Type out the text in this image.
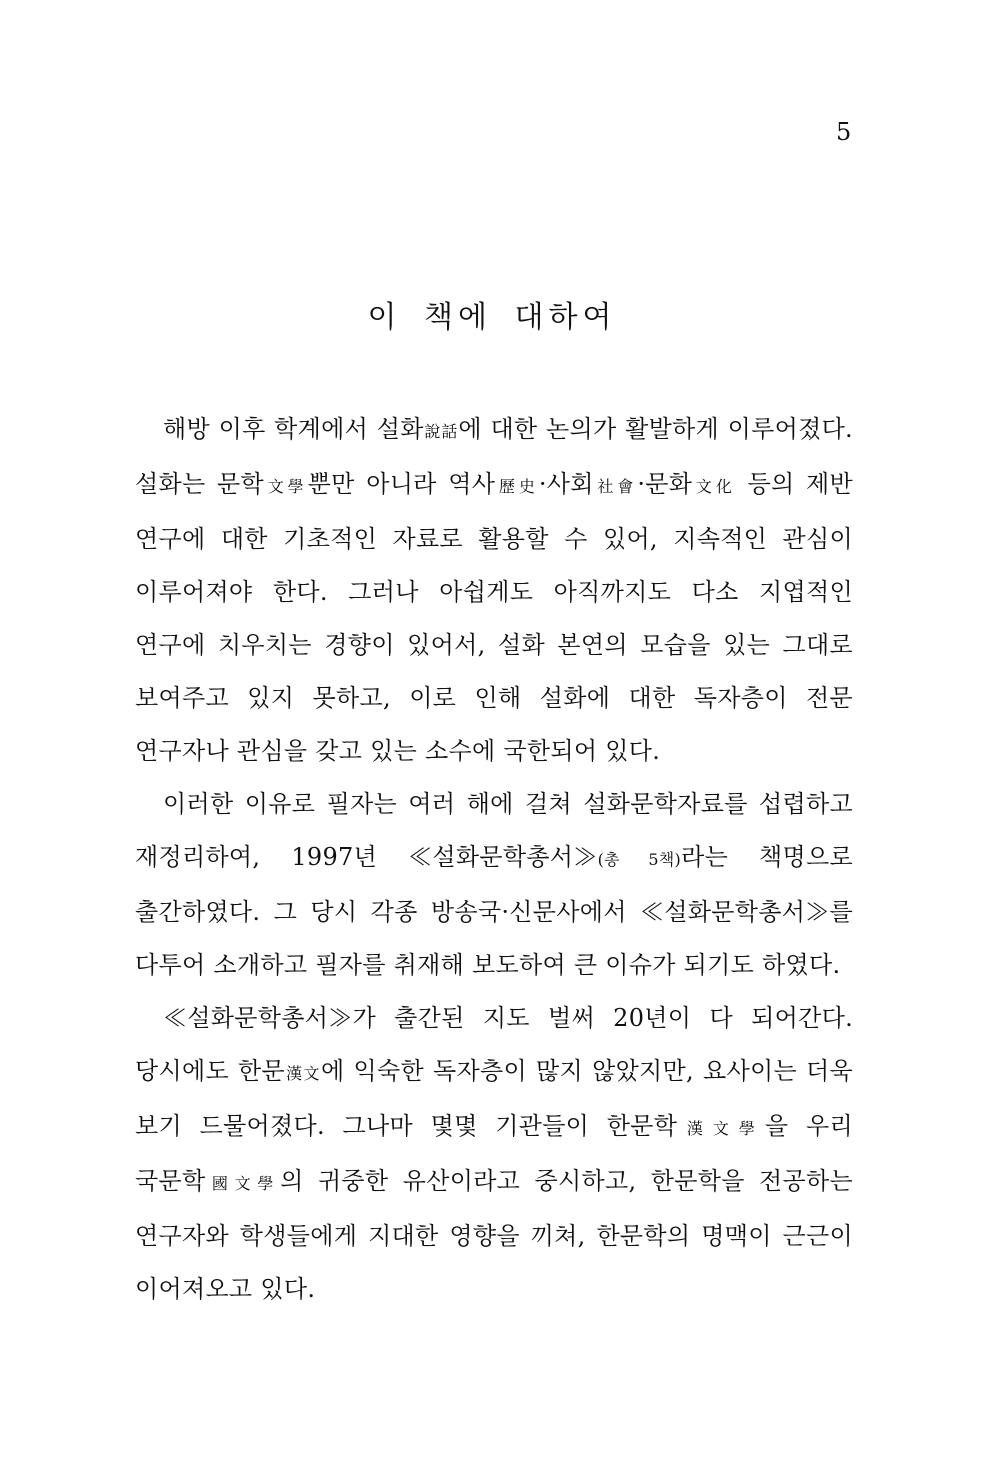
5
이 책에 대하여

해방 이후 학계에서 설화說話에 대한 논의가 활발하게 이루어졌다. 설화는 문학文學뿐만 아니라 역사歷史·사회社會·문화文化 등의 제반 연구에 대한 기초적인 자료로 활용할 수 있어, 지속적인 관심이 이루어져야 한다. 그러나 아쉽게도 아직까지도 다소 지엽적인 연구에 치우치는 경향이 있어서, 설화 본연의 모습을 있는 그대로 보여주고 있지 못하고, 이로 인해 설화에 대한 독자층이 전문 연구자나 관심을 갖고 있는 소수에 국한되어 있다.

이러한 이유로 필자는 여러 해에 걸쳐 설화문학자료를 섭렵하고 재정리하여, 1997년 ≪설화문학총서≫(총 5책)라는 책명으로 출간하였다. 그 당시 각종 방송국·신문사에서 ≪설화문학총서≫를 다투어 소개하고 필자를 취재해 보도하여 큰 이슈가 되기도 하였다.

≪설화문학총서≫가 출간된 지도 벌써 20년이 다 되어간다. 당시에도 한문漢文에 익숙한 독자층이 많지 않았지만, 요사이는 더욱 보기 드물어졌다. 그나마 몇몇 기관들이 한문학漢文學을 우리 국문학國文學의 귀중한 유산이라고 중시하고, 한문학을 전공하는 연구자와 학생들에게 지대한 영향을 끼쳐, 한문학의 명맥이 근근이 이어져오고 있다.
